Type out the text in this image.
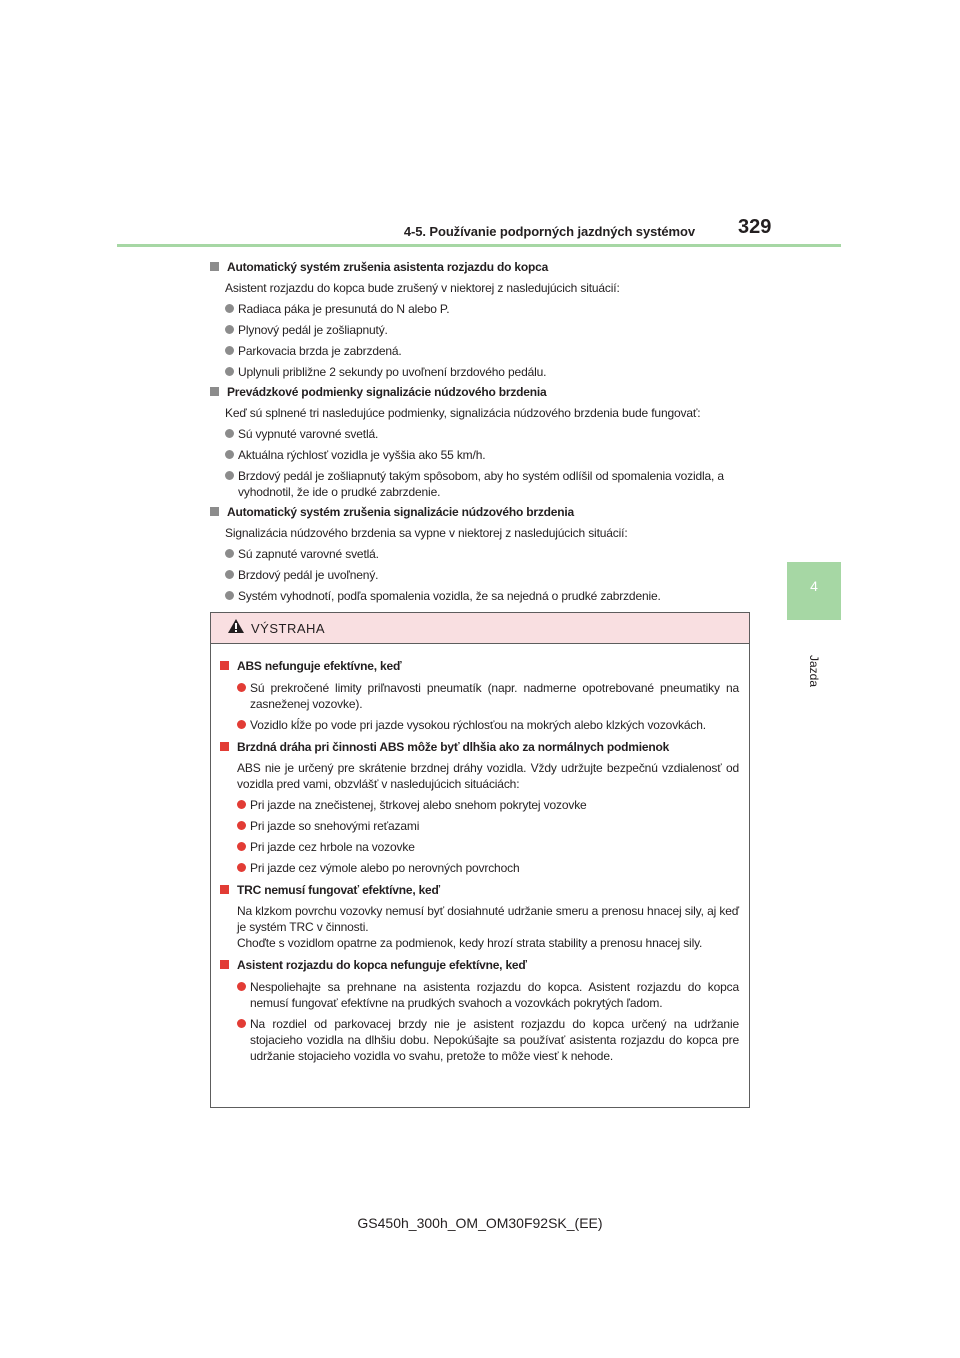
4-5. Používanie podporných jazdných systémov 329
4
Jazda
Automatický systém zrušenia asistenta rozjazdu do kopca
Asistent rozjazdu do kopca bude zrušený v niektorej z nasledujúcich situácií:
Radiaca páka je presunutá do N alebo P.
Plynový pedál je zošliapnutý.
Parkovacia brzda je zabrzdená.
Uplynuli približne 2 sekundy po uvoľnení brzdového pedálu.
Prevádzkové podmienky signalizácie núdzového brzdenia
Keď sú splnené tri nasledujúce podmienky, signalizácia núdzového brzdenia bude fungovať:
Sú vypnuté varovné svetlá.
Aktuálna rýchlosť vozidla je vyššia ako 55 km/h.
Brzdový pedál je zošliapnutý takým spôsobom, aby ho systém odlíšil od spomalenia vozidla, a vyhodnotil, že ide o prudké zabrzdenie.
Automatický systém zrušenia signalizácie núdzového brzdenia
Signalizácia núdzového brzdenia sa vypne v niektorej z nasledujúcich situácií:
Sú zapnuté varovné svetlá.
Brzdový pedál je uvoľnený.
Systém vyhodnotí, podľa spomalenia vozidla, že sa nejedná o prudké zabrzdenie.
VÝSTRAHA
ABS nefunguje efektívne, keď
Sú prekročené limity priľnavosti pneumatík (napr. nadmerne opotrebované pneumatiky na zasneženej vozovke).
Vozidlo kĺže po vode pri jazde vysokou rýchlosťou na mokrých alebo klzkých vozovkách.
Brzdná dráha pri činnosti ABS môže byť dlhšia ako za normálnych podmienok
ABS nie je určený pre skrátenie brzdnej dráhy vozidla. Vždy udržujte bezpečnú vzdialenosť od vozidla pred vami, obzvlášť v nasledujúcich situáciách:
Pri jazde na znečistenej, štrkovej alebo snehom pokrytej vozovke
Pri jazde so snehovými reťazami
Pri jazde cez hrbole na vozovke
Pri jazde cez výmole alebo po nerovných povrchoch
TRC nemusí fungovať efektívne, keď
Na klzkom povrchu vozovky nemusí byť dosiahnuté udržanie smeru a prenosu hnacej sily, aj keď je systém TRC v činnosti.
Choďte s vozidlom opatrne za podmienok, kedy hrozí strata stability a prenosu hnacej sily.
Asistent rozjazdu do kopca nefunguje efektívne, keď
Nespoliehajte sa prehnane na asistenta rozjazdu do kopca. Asistent rozjazdu do kopca nemusí fungovať efektívne na prudkých svahoch a vozovkách pokrytých ľadom.
Na rozdiel od parkovacej brzdy nie je asistent rozjazdu do kopca určený na udržanie stojacieho vozidla na dlhšiu dobu. Nepokúšajte sa používať asistenta rozjazdu do kopca pre udržanie stojacieho vozidla vo svahu, pretože to môže viesť k nehode.
GS450h_300h_OM_OM30F92SK_(EE)
